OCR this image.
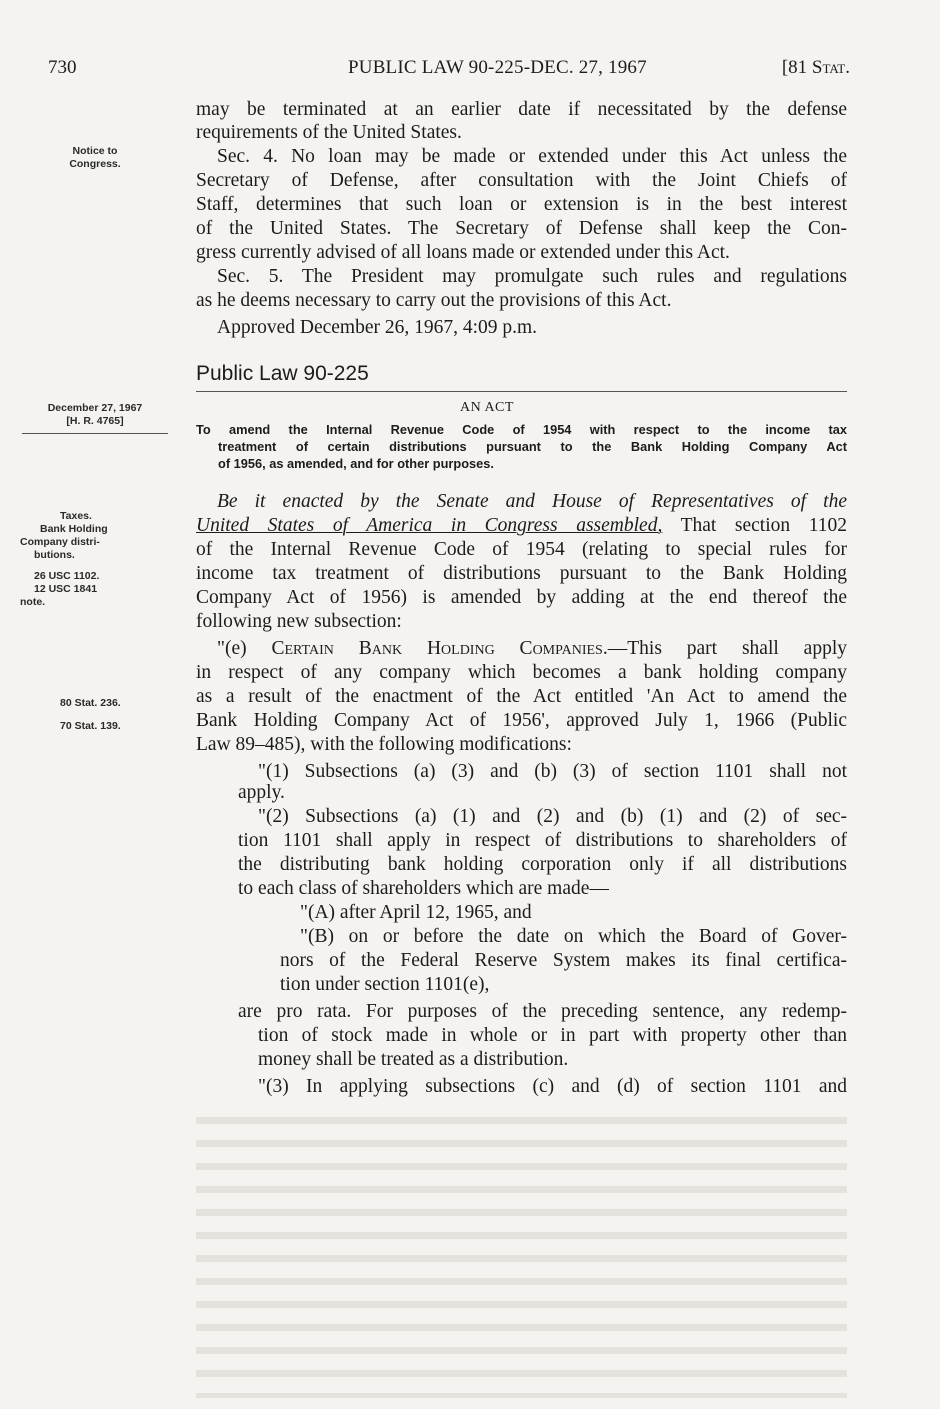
730	PUBLIC LAW 90-225-DEC. 27, 1967	[81 Stat.
may be terminated at an earlier date if necessitated by the defense
requirements of the United States.
Notice to
Congress.	Sec. 4. No loan may be made or extended under this Act unless the
Secretary of Defense, after consultation with the Joint Chiefs of
Staff, determines that such loan or extension is in the best interest
of the United States. The Secretary of Defense shall keep the Con-
gress currently advised of all loans made or extended under this Act.
Sec. 5. The President may promulgate such rules and regulations
as he deems necessary to carry out the provisions of this Act.
Approved December 26, 1967, 4:09 p.m.
Public Law 90-225
December 27, 1967
[H. R. 4765]
AN ACT
To amend the Internal Revenue Code of 1954 with respect to the income tax
treatment of certain distributions pursuant to the Bank Holding Company Act
of 1956, as amended, and for other purposes.
Taxes.
Bank Holding
Company distri-
butions.
26 USC 1102.
12 USC 1841
note.
Be it enacted by the Senate and House of Representatives of the
United States of America in Congress assembled, That section 1102
of the Internal Revenue Code of 1954 (relating to special rules for
income tax treatment of distributions pursuant to the Bank Holding
Company Act of 1956) is amended by adding at the end thereof the
following new subsection:
"(e) Certain Bank Holding Companies.—This part shall apply
in respect of any company which becomes a bank holding company
as a result of the enactment of the Act entitled 'An Act to amend the
Bank Holding Company Act of 1956', approved July 1, 1966 (Public
Law 89–485), with the following modifications:
80 Stat. 236.
70 Stat. 139.
"(1) Subsections (a) (3) and (b) (3) of section 1101 shall not
apply.
"(2) Subsections (a) (1) and (2) and (b) (1) and (2) of sec-
tion 1101 shall apply in respect of distributions to shareholders of
the distributing bank holding corporation only if all distributions
to each class of shareholders which are made—
"(A) after April 12, 1965, and
"(B) on or before the date on which the Board of Gover-
nors of the Federal Reserve System makes its final certifica-
tion under section 1101(e),
are pro rata. For purposes of the preceding sentence, any redemp-
tion of stock made in whole or in part with property other than
money shall be treated as a distribution.
"(3) In applying subsections (c) and (d) of section 1101 and
